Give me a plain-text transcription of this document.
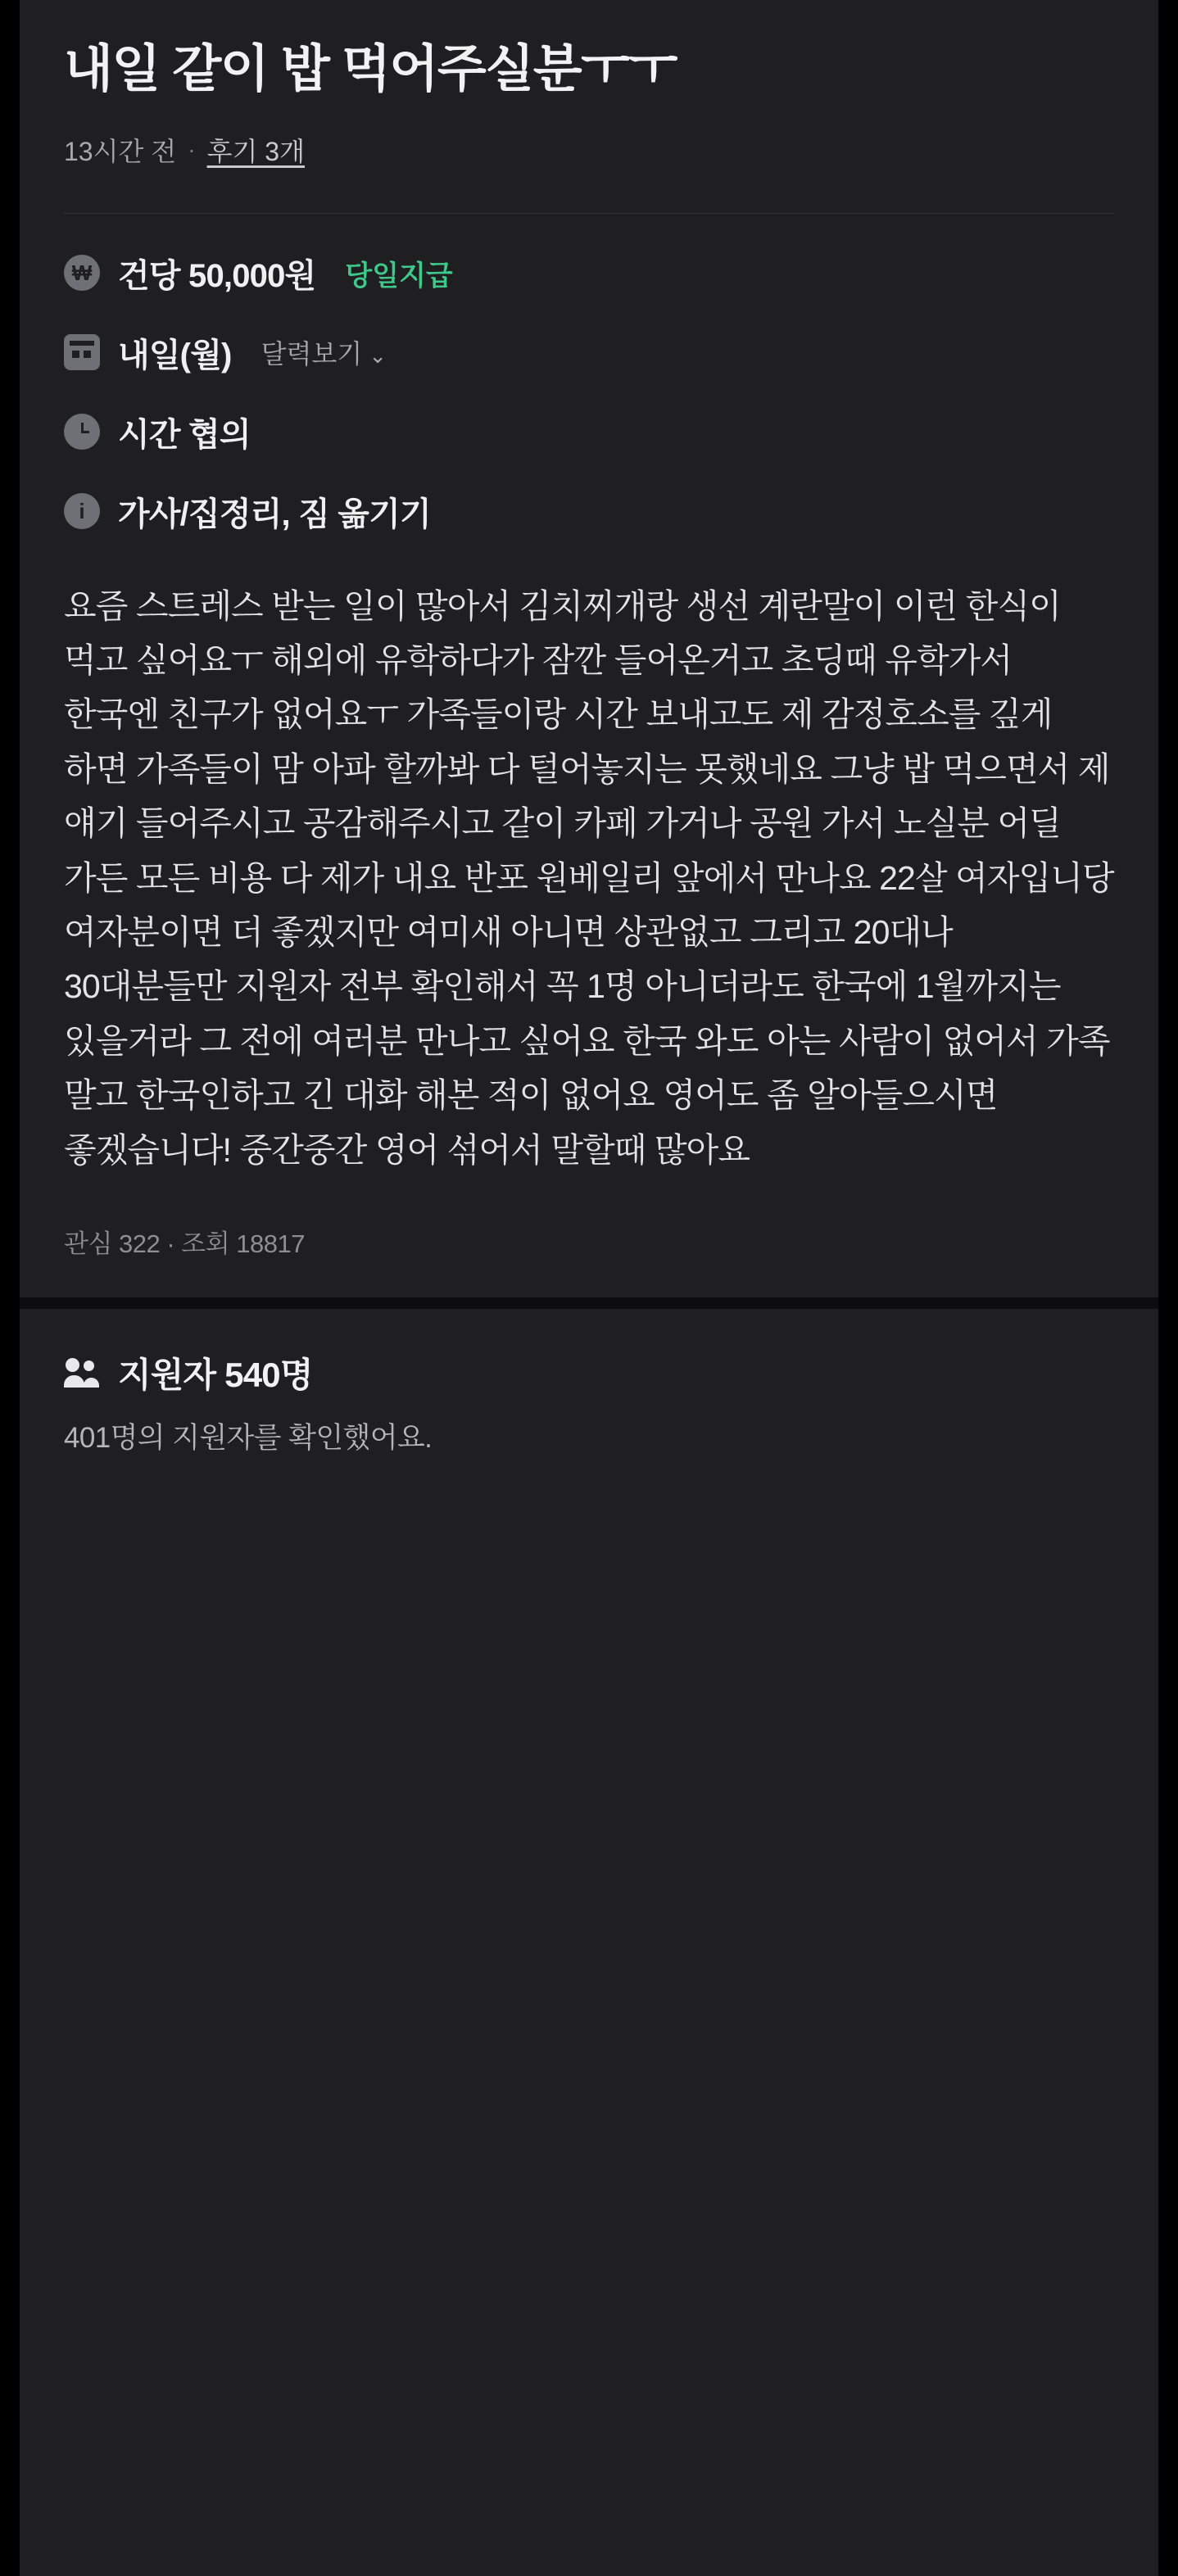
내일 같이 밥 먹어주실분ㅜㅜ
13시간 전 · 후기 3개
₩ 건당 50,000원 당일지급
내일(월) 달력보기 ⌄
시간 협의
i	가사/집정리, 짐 옮기기
요즘 스트레스 받는 일이 많아서 김치찌개랑 생선 계란말이 이런 한식이 먹고 싶어요ㅜ 해외에 유학하다가 잠깐 들어온거고 초딩때 유학가서 한국엔 친구가 없어요ㅜ 가족들이랑 시간 보내고도 제 감정호소를 깊게 하면 가족들이 맘 아파 할까봐 다 털어놓지는 못했네요 그냥 밥 먹으면서 제 얘기 들어주시고 공감해주시고 같이 카페 가거나 공원 가서 노실분 어딜 가든 모든 비용 다 제가 내요 반포 원베일리 앞에서 만나요 22살 여자입니당 여자분이면 더 좋겠지만 여미새 아니면 상관없고 그리고 20대나 30대분들만 지원자 전부 확인해서 꼭 1명 아니더라도 한국에 1월까지는 있을거라 그 전에 여러분 만나고 싶어요 한국 와도 아는 사람이 없어서 가족 말고 한국인하고 긴 대화 해본 적이 없어요 영어도 좀 알아들으시면 좋겠습니다! 중간중간 영어 섞어서 말할때 많아요
관심 322 · 조회 18817
지원자 540명
401명의 지원자를 확인했어요.
